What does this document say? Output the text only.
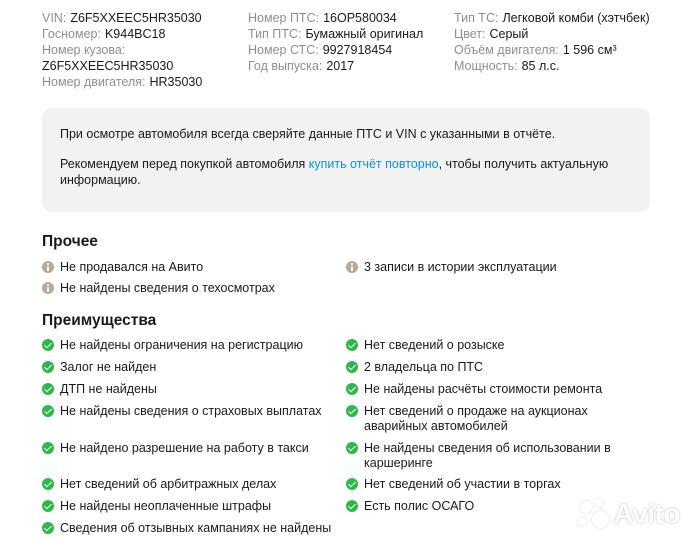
VIN: Z6F5XXEEC5HR35030
Госномер: K944BC18
Номер кузова:
Z6F5XXEEC5HR35030
Номер двигателя: HR35030
Номер ПТС: 16OP580034
Тип ПТС: Бумажный оригинал
Номер СТС: 9927918454
Год выпуска: 2017
Тип ТС: Легковой комби (хэтчбек)
Цвет: Серый
Объём двигателя: 1 596 см³
Мощность: 85 л.с.

При осмотре автомобиля всегда сверяйте данные ПТС и VIN с указанными в отчёте.

Рекомендуем перед покупкой автомобиля купить отчёт повторно, чтобы получить актуальную информацию.

Прочее
Не продавался на Авито	3 записи в истории эксплуатации
Не найдены сведения о техосмотрах
Преимущества
Не найдены ограничения на регистрацию	Нет сведений о розыске
Залог не найден	2 владельца по ПТС
ДТП не найдены	Не найдены расчёты стоимости ремонта
Не найдены сведения о страховых выплатах	Нет сведений о продаже на аукционах аварийных автомобилей
Не найдено разрешение на работу в такси	Не найдены сведения об использовании в каршеринге
Нет сведений об арбитражных делах	Нет сведений об участии в торгах
Не найдены неоплаченные штрафы	Есть полис ОСАГО
Сведения об отзывных кампаниях не найдены	Avito
